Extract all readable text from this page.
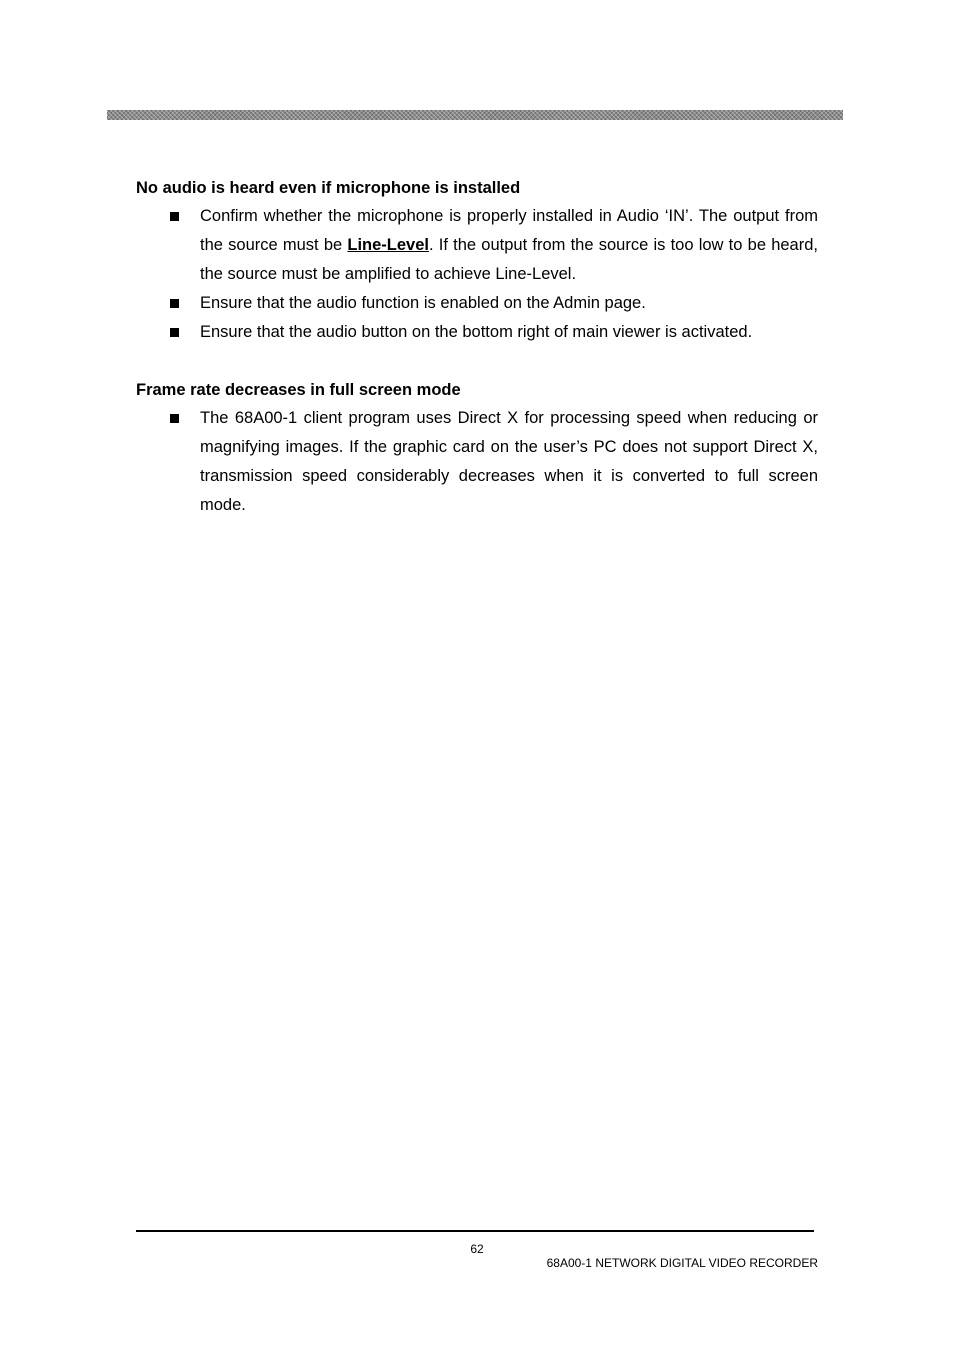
No audio is heard even if microphone is installed
Confirm whether the microphone is properly installed in Audio ‘IN’. The output from the source must be Line-Level. If the output from the source is too low to be heard, the source must be amplified to achieve Line-Level.
Ensure that the audio function is enabled on the Admin page.
Ensure that the audio button on the bottom right of main viewer is activated.
Frame rate decreases in full screen mode
The 68A00-1 client program uses Direct X for processing speed when reducing or magnifying images. If the graphic card on the user’s PC does not support Direct X, transmission speed considerably decreases when it is converted to full screen mode.
62
68A00-1 NETWORK DIGITAL VIDEO RECORDER
